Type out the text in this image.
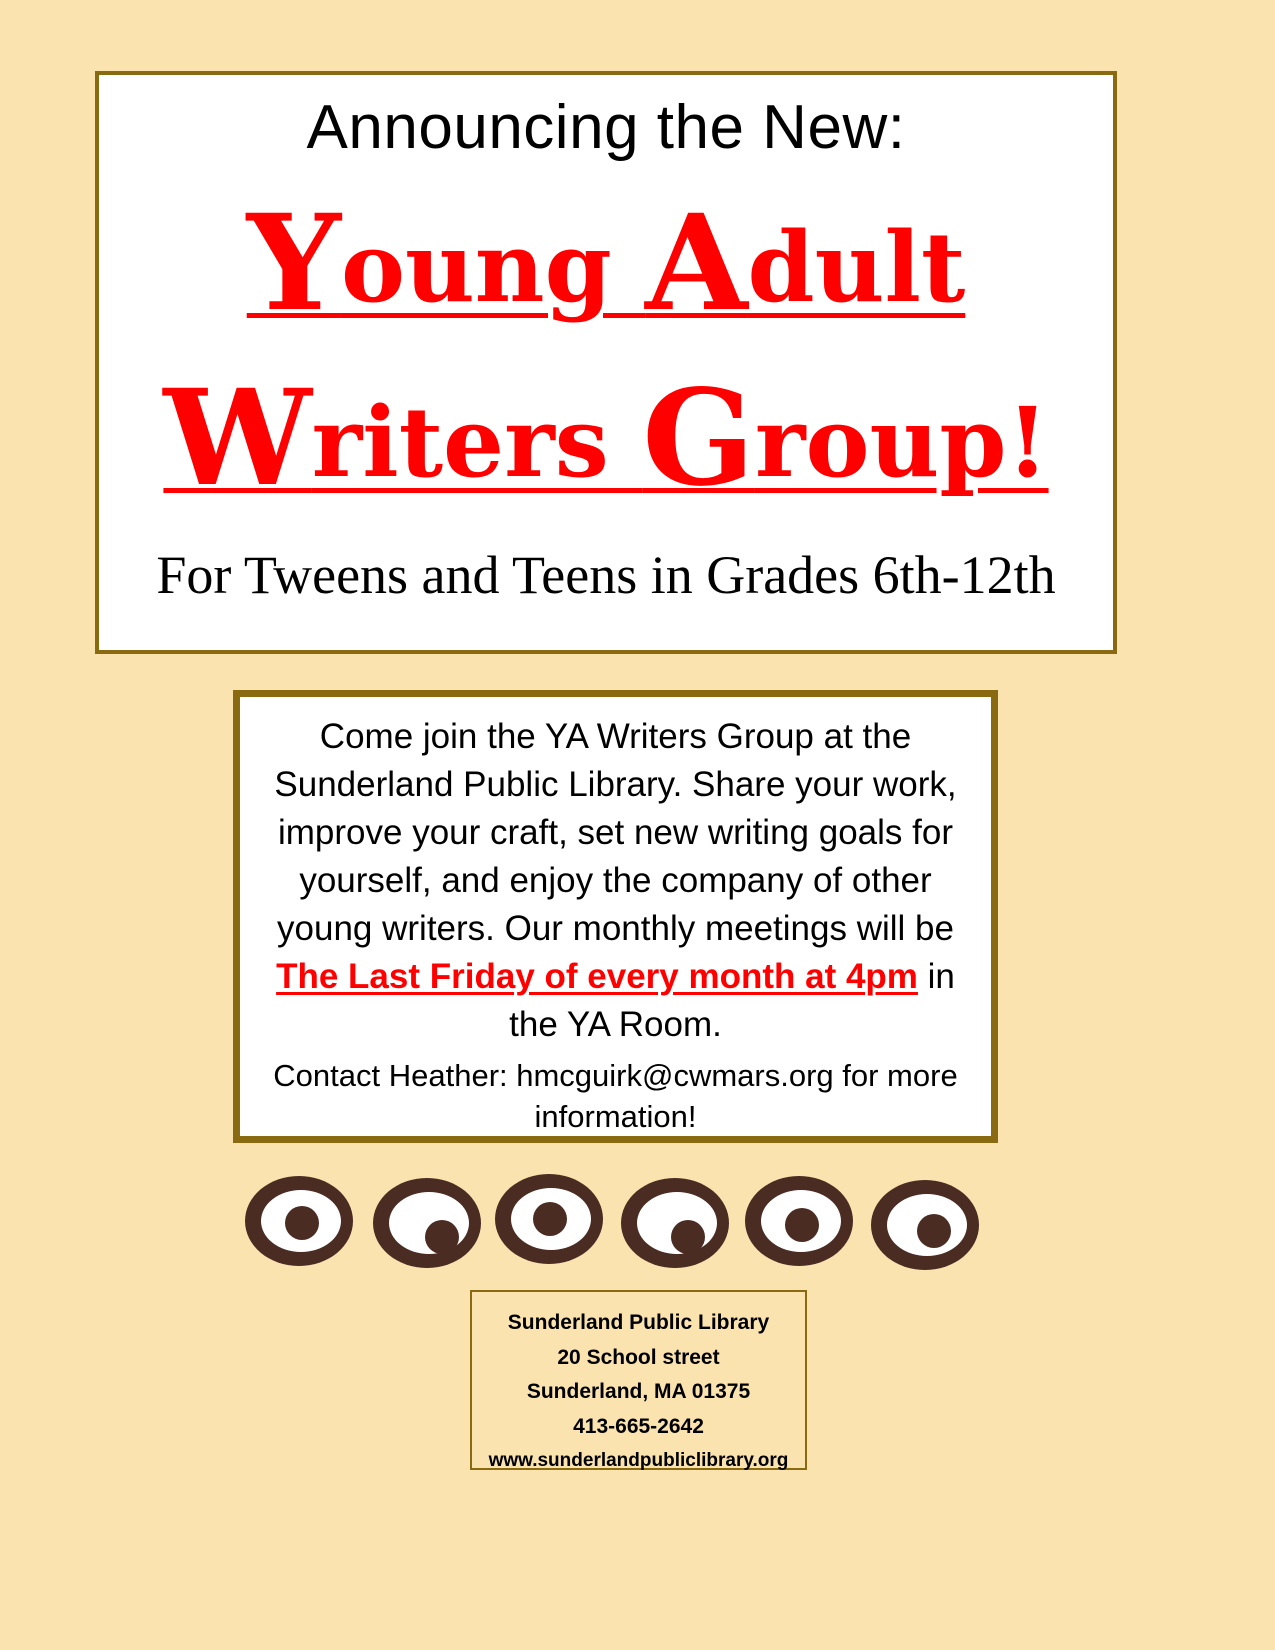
Announcing the New:
Young Adult
Writers Group!
For Tweens and Teens in Grades 6th-12th
Come join the YA Writers Group at the Sunderland Public Library. Share your work, improve your craft, set new writing goals for yourself, and enjoy the company of other young writers. Our monthly meetings will be The Last Friday of every month at 4pm in the YA Room.
Contact Heather: hmcguirk@cwmars.org for more information!
Sunderland Public Library
20 School street
Sunderland, MA 01375
413-665-2642
www.sunderlandpubliclibrary.org
